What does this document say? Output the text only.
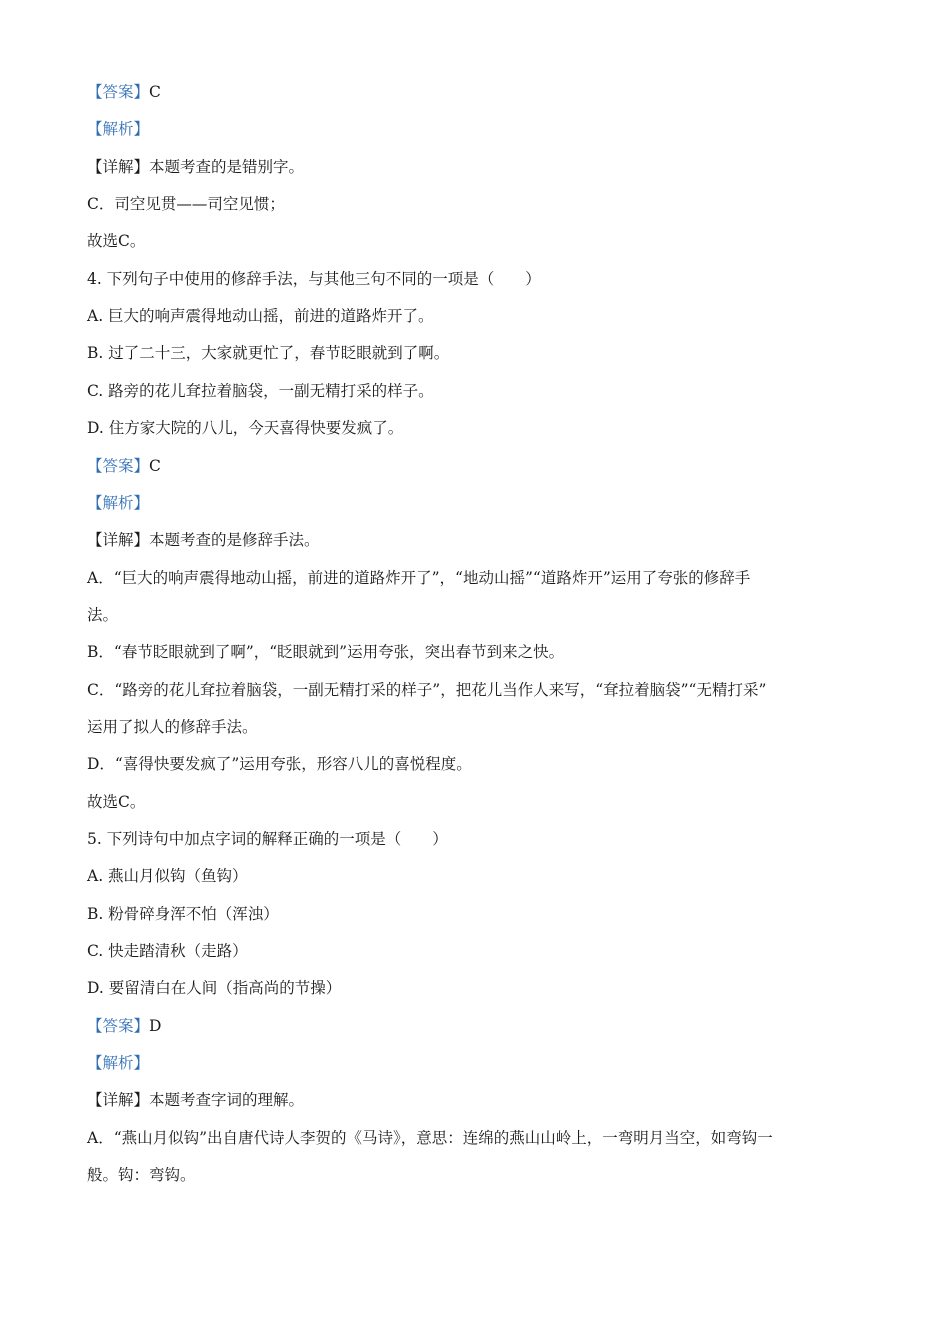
【答案】C
【解析】
【详解】本题考查的是错别字。
C．司空见贯——司空见惯；
故选C。
4. 下列句子中使用的修辞手法，与其他三句不同的一项是（　　）
A. 巨大的响声震得地动山摇，前进的道路炸开了。
B. 过了二十三，大家就更忙了，春节眨眼就到了啊。
C. 路旁的花儿耷拉着脑袋，一副无精打采的样子。
D. 住方家大院的八儿，今天喜得快要发疯了。
【答案】C
【解析】
【详解】本题考查的是修辞手法。
A．“巨大的响声震得地动山摇，前进的道路炸开了”，“地动山摇”“道路炸开”运用了夸张的修辞手
法。
B．“春节眨眼就到了啊”，“眨眼就到”运用夸张，突出春节到来之快。
C．“路旁的花儿耷拉着脑袋，一副无精打采的样子”，把花儿当作人来写，“耷拉着脑袋”“无精打采”
运用了拟人的修辞手法。
D．“喜得快要发疯了”运用夸张，形容八儿的喜悦程度。
故选C。
5. 下列诗句中加点字词的解释正确的一项是（　　）
A. 燕山月似钩（鱼钩）
B. 粉骨碎身浑不怕（浑浊）
C. 快走踏清秋（走路）
D. 要留清白在人间（指高尚的节操）
【答案】D
【解析】
【详解】本题考查字词的理解。
A．“燕山月似钩”出自唐代诗人李贺的《马诗》，意思：连绵的燕山山岭上，一弯明月当空，如弯钩一
般。钩：弯钩。
